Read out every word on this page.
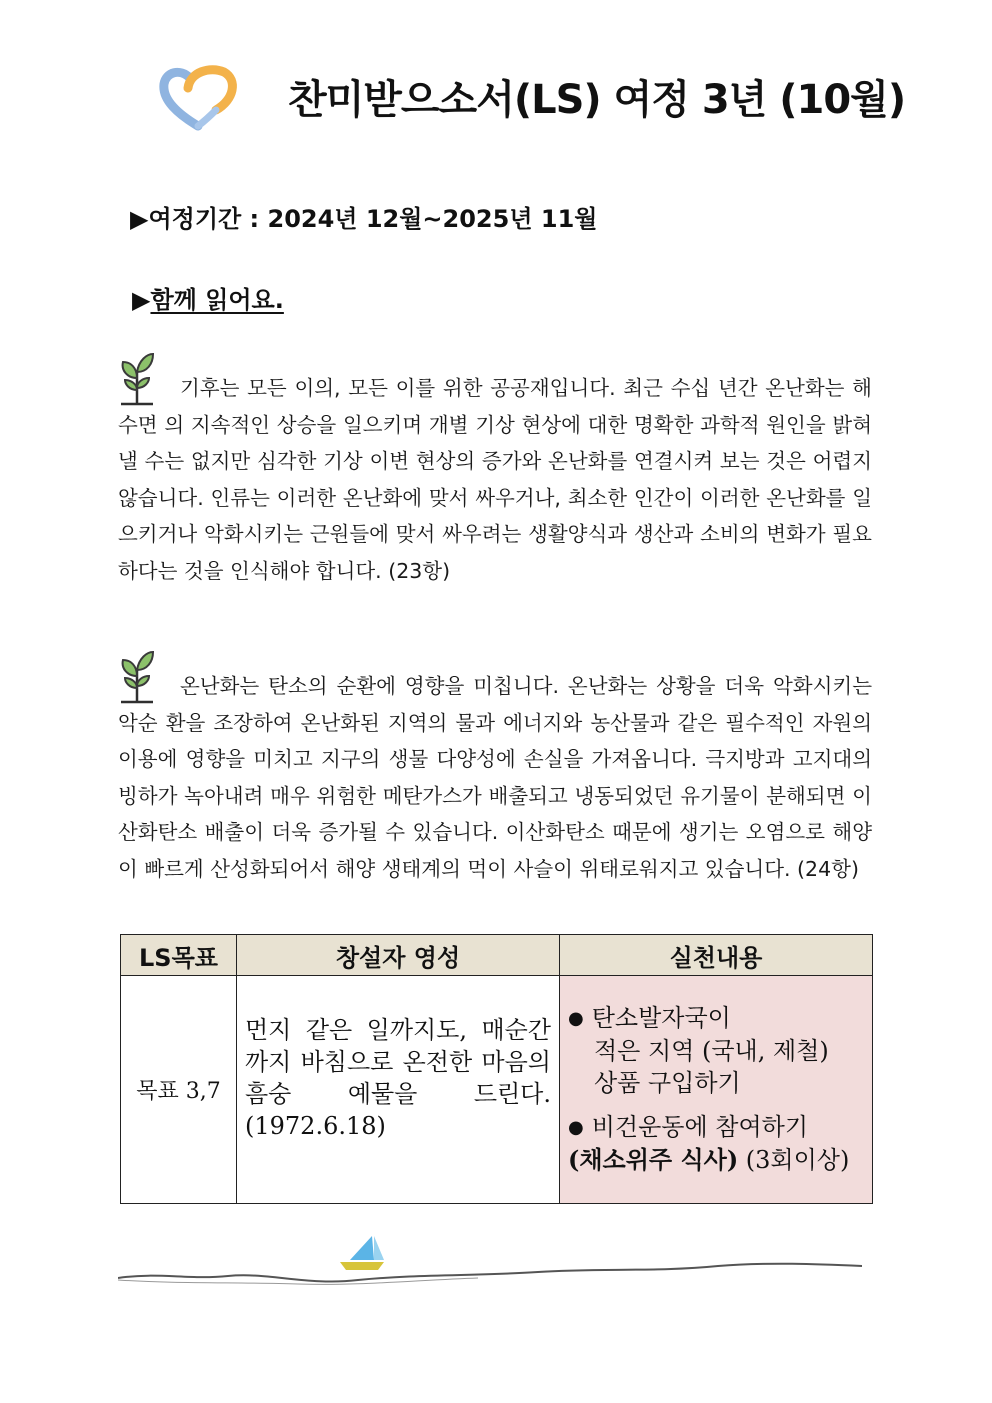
찬미받으소서(LS) 여정 3년 (10월)
▶여정기간 : 2024년 12월~2025년 11월
▶함께 읽어요.
기후는 모든 이의, 모든 이를 위한 공공재입니다. 최근 수십 년간 온난화는 해수면 의 지속적인 상승을 일으키며 개별 기상 현상에 대한 명확한 과학적 원인을 밝혀 낼 수는 없지만 심각한 기상 이변 현상의 증가와 온난화를 연결시켜 보는 것은 어렵지 않습니다. 인류는 이러한 온난화에 맞서 싸우거나, 최소한 인간이 이러한 온난화를 일으키거나 악화시키는 근원들에 맞서 싸우려는 생활양식과 생산과 소비의 변화가 필요하다는 것을 인식해야 합니다. (23항)
온난화는 탄소의 순환에 영향을 미칩니다. 온난화는 상황을 더욱 악화시키는 악순 환을 조장하여 온난화된 지역의 물과 에너지와 농산물과 같은 필수적인 자원의 이용에 영향을 미치고 지구의 생물 다양성에 손실을 가져옵니다. 극지방과 고지대의 빙하가 녹아내려 매우 위험한 메탄가스가 배출되고 냉동되었던 유기물이 분해되면 이산화탄소 배출이 더욱 증가될 수 있습니다. 이산화탄소 때문에 생기는 오염으로 해양이 빠르게 산성화되어서 해양 생태계의 먹이 사슬이 위태로워지고 있습니다. (24항)
LS목표	창설자 영성	실천내용
목표 3,7	먼지 같은 일까지도, 매순간까지 바침으로 온전한 마음의 흠숭 예물을 드린다. (1972.6.18)	● 탄소발자국이
적은 지역 (국내, 제철)
상품 구입하기
● 비건운동에 참여하기
(채소위주 식사) (3회이상)
